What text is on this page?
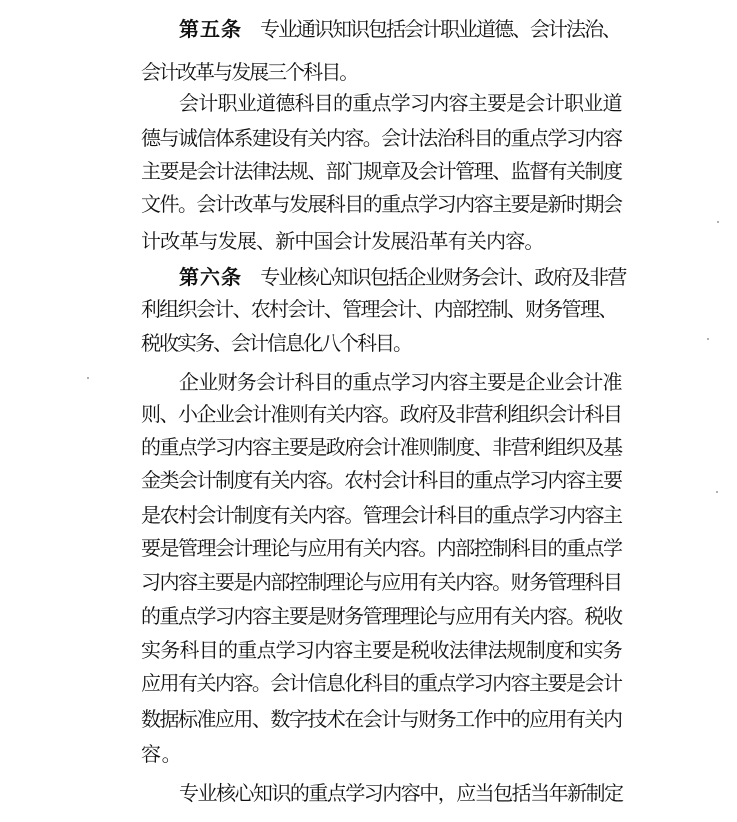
第五条  专业通识知识包括会计职业道德、会计法治、
会计改革与发展三个科目。
会计职业道德科目的重点学习内容主要是会计职业道
德与诚信体系建设有关内容。会计法治科目的重点学习内容
主要是会计法律法规、部门规章及会计管理、监督有关制度
文件。会计改革与发展科目的重点学习内容主要是新时期会
计改革与发展、新中国会计发展沿革有关内容。
第六条  专业核心知识包括企业财务会计、政府及非营
利组织会计、农村会计、管理会计、内部控制、财务管理、
税收实务、会计信息化八个科目。
企业财务会计科目的重点学习内容主要是企业会计准
则、小企业会计准则有关内容。政府及非营利组织会计科目
的重点学习内容主要是政府会计准则制度、非营利组织及基
金类会计制度有关内容。农村会计科目的重点学习内容主要
是农村会计制度有关内容。管理会计科目的重点学习内容主
要是管理会计理论与应用有关内容。内部控制科目的重点学
习内容主要是内部控制理论与应用有关内容。财务管理科目
的重点学习内容主要是财务管理理论与应用有关内容。税收
实务科目的重点学习内容主要是税收法律法规制度和实务
应用有关内容。会计信息化科目的重点学习内容主要是会计
数据标准应用、数字技术在会计与财务工作中的应用有关内
容。
专业核心知识的重点学习内容中，应当包括当年新制定
